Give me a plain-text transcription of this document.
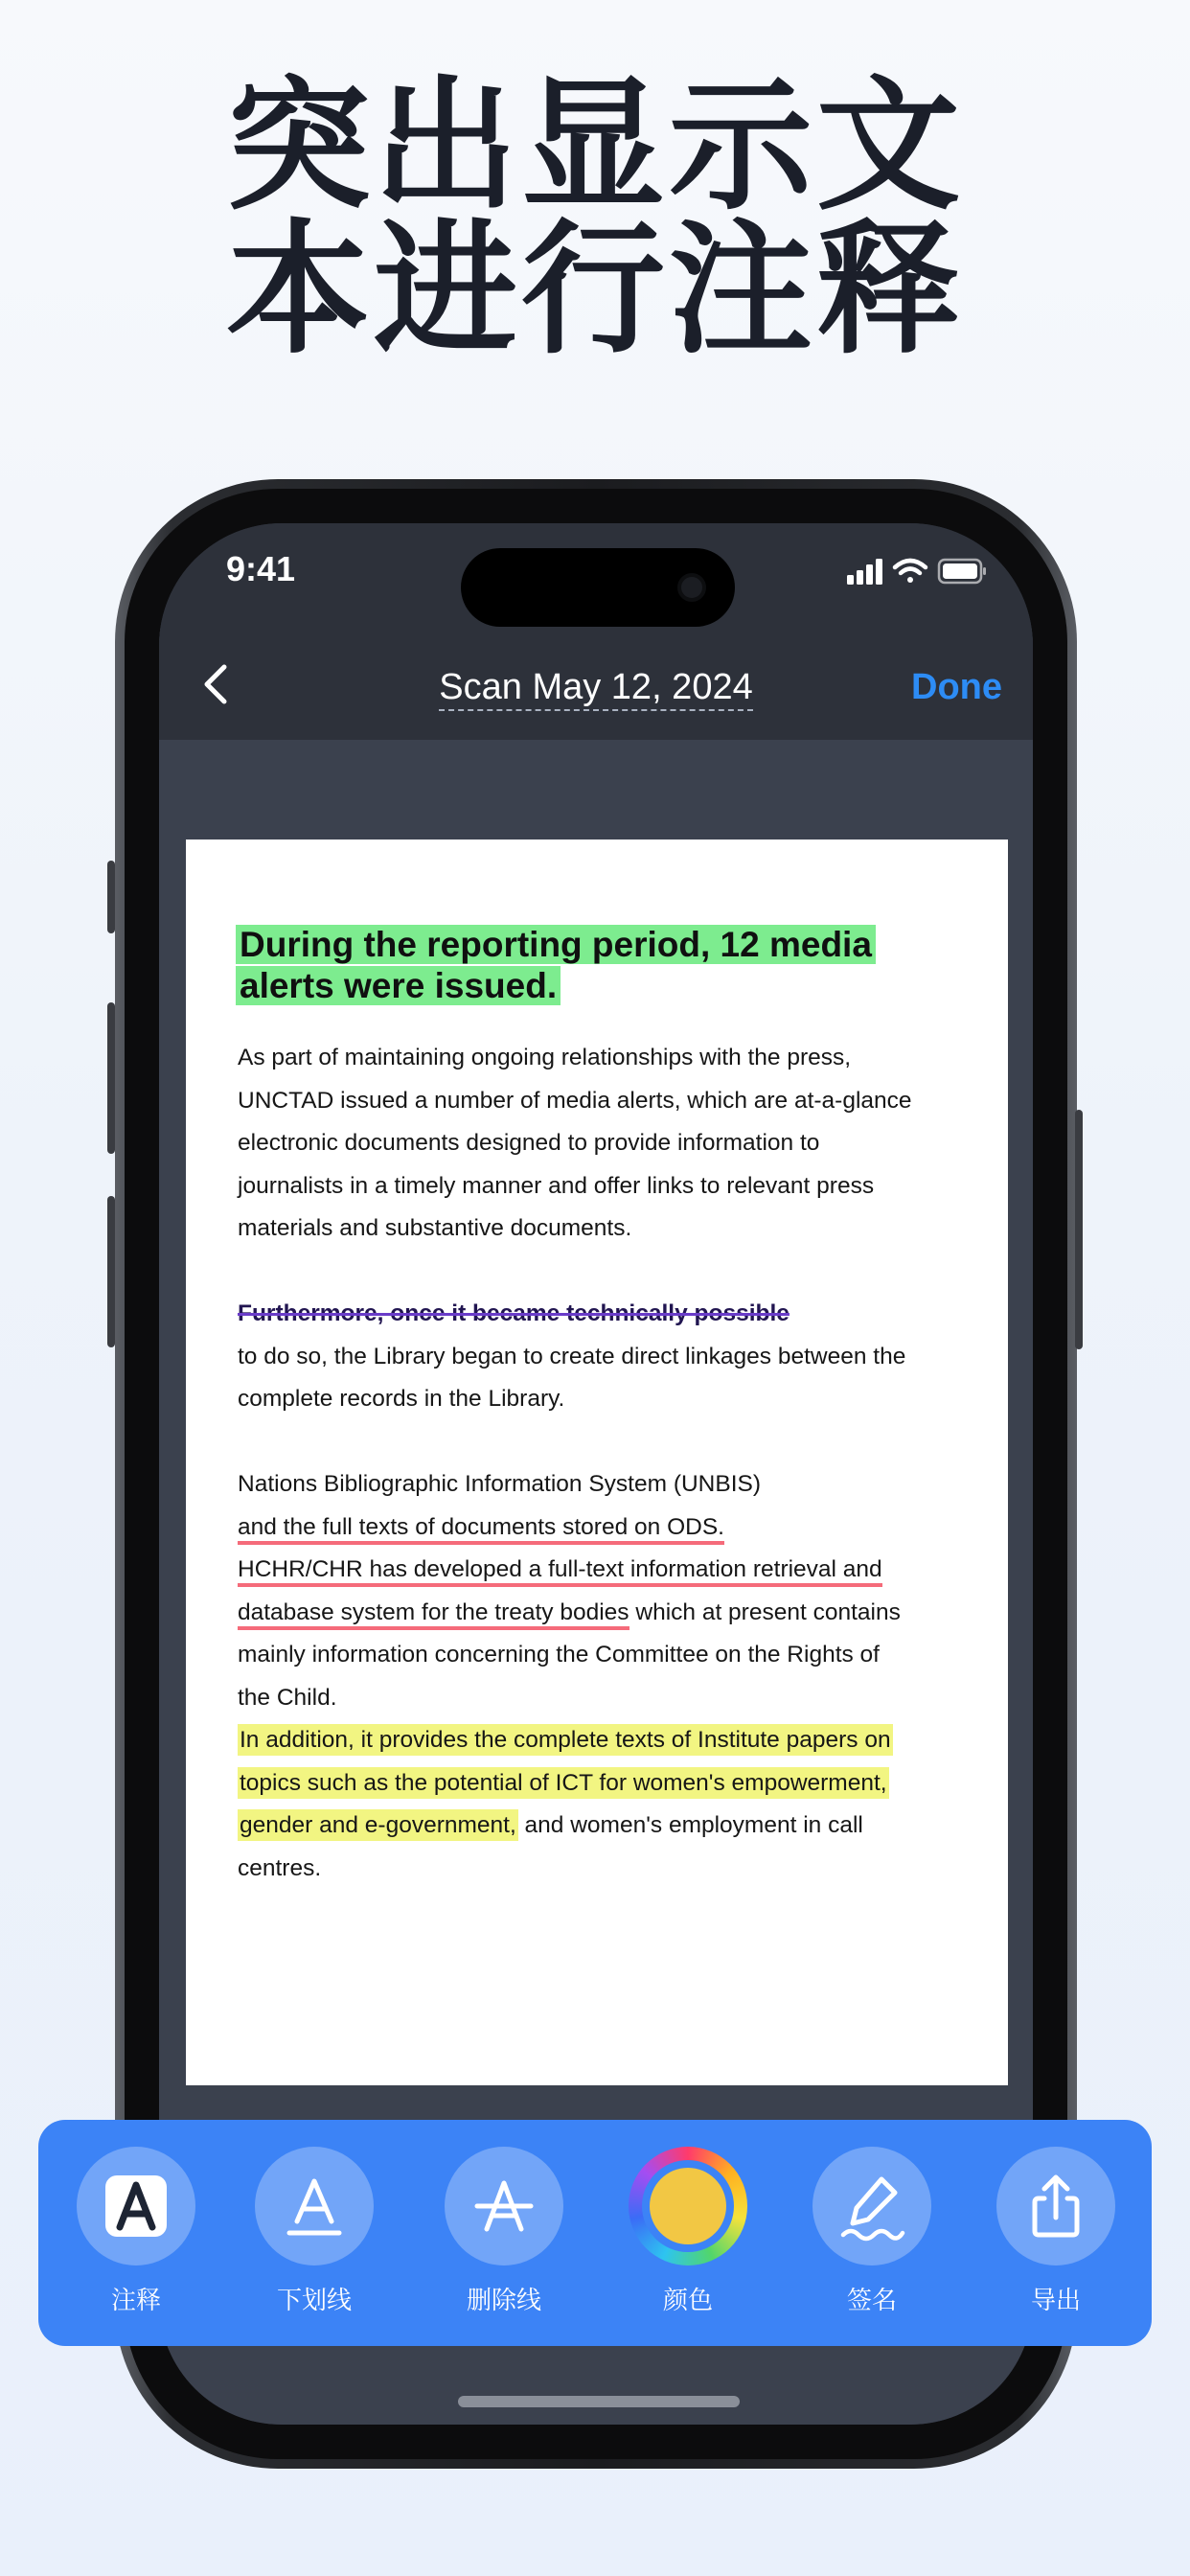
突出显示文
本进行注释
9:41
Scan May 12, 2024	Done
During the reporting period, 12 media
alerts were issued.
As part of maintaining ongoing relationships with the press,
UNCTAD issued a number of media alerts, which are at-a-glance
electronic documents designed to provide information to
journalists in a timely manner and offer links to relevant press
materials and substantive documents.
Furthermore, once it became technically possible
to do so, the Library began to create direct linkages between the
complete records in the Library.
Nations Bibliographic Information System (UNBIS)
and the full texts of documents stored on ODS.
HCHR/CHR has developed a full-text information retrieval and
database system for the treaty bodies which at present contains
mainly information concerning the Committee on the Rights of
the Child.
In addition, it provides the complete texts of Institute papers on
topics such as the potential of ICT for women's empowerment,
gender and e-government, and women's employment in call
centres.
注释	下划线	删除线	颜色	签名	导出
